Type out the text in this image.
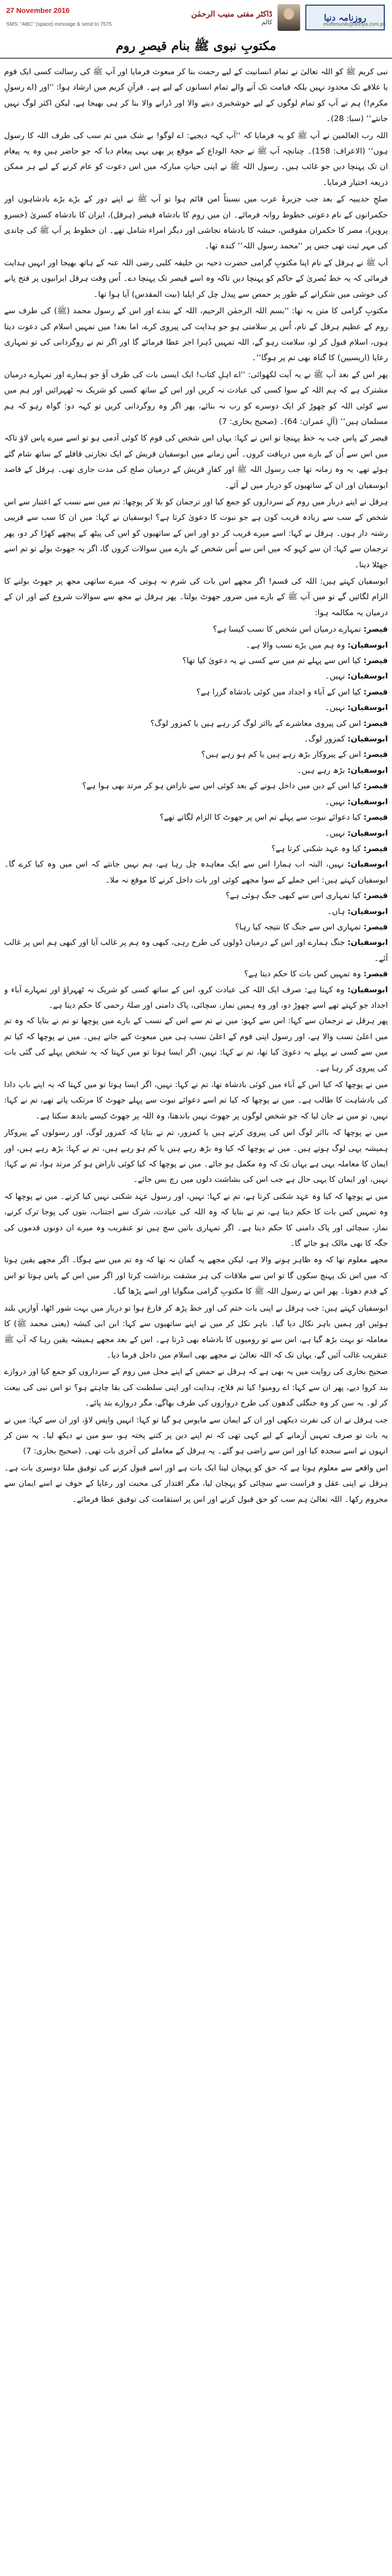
27 November 2016
روزنامہ دنیا
ڈاکٹر مفتی منیب الرحمٰن
کالم
SMS: "ABC" (space) message & send to 7575	muftimunib@dunya.com.pk
مکتوبِ نبوی ﷺ بنام قیصرِ روم

نبی کریم ﷺ کو اللہ تعالیٰ نے تمام انسانیت کے لیے رحمت بنا کر مبعوث فرمایا اور آپ ﷺ کی رسالت کسی ایک قوم یا علاقے تک محدود نہیں بلکہ قیامت تک آنے والے تمام انسانوں کے لیے ہے۔ قرآنِ کریم میں ارشاد ہوا: ''اور (اے رسولِ مکرم!) ہم نے آپ کو تمام لوگوں کے لیے خوشخبری دینے والا اور ڈرانے والا بنا کر ہی بھیجا ہے، لیکن اکثر لوگ نہیں جانتے‘‘ (سبا: 28)۔

اللہ رب العالمین نے آپ ﷺ کو یہ فرمایا کہ ''آپ کہہ دیجیے: اے لوگو! بے شک میں تم سب کی طرف اللہ کا رسول ہوں‘‘ (الاعراف: 158)۔ چنانچہ آپ ﷺ نے حجۃ الوداع کے موقع پر بھی یہی پیغام دیا کہ جو حاضر ہیں وہ یہ پیغام ان تک پہنچا دیں جو غائب ہیں۔ رسول اللہ ﷺ نے اپنی حیاتِ مبارکہ میں اس دعوت کو عام کرنے کے لیے ہر ممکن ذریعہ اختیار فرمایا۔

صلحِ حدیبیہ کے بعد جب جزیرۂ عرب میں نسبتاً امن قائم ہوا تو آپ ﷺ نے اپنے دور کے بڑے بڑے بادشاہوں اور حکمرانوں کے نام دعوتی خطوط روانہ فرمائے۔ ان میں روم کا بادشاہ قیصر (ہرقل)، ایران کا بادشاہ کسریٰ (خسرو پرویز)، مصر کا حکمران مقوقس، حبشہ کا بادشاہ نجاشی اور دیگر امراء شامل تھے۔ ان خطوط پر آپ ﷺ کی چاندی کی مہر ثبت تھی جس پر ''محمد رسول اللہ‘‘ کندہ تھا۔

آپ ﷺ نے ہرقل کے نام اپنا مکتوبِ گرامی حضرت دحیہ بن خلیفہ کلبی رضی اللہ عنہ کے ہاتھ بھیجا اور انہیں ہدایت فرمائی کہ یہ خط بُصریٰ کے حاکم کو پہنچا دیں تاکہ وہ اسے قیصر تک پہنچا دے۔ اُس وقت ہرقل ایرانیوں پر فتح پانے کی خوشی میں شکرانے کے طور پر حمص سے پیدل چل کر ایلیا (بیت المقدس) آیا ہوا تھا۔

مکتوبِ گرامی کا متن یہ تھا: ''بسم اللہ الرحمٰن الرحیم، اللہ کے بندے اور اس کے رسول محمد (ﷺ) کی طرف سے روم کے عظیم ہرقل کے نام، اُس پر سلامتی ہو جو ہدایت کی پیروی کرے، اما بعد! میں تمہیں اسلام کی دعوت دیتا ہوں، اسلام قبول کر لو، سلامت رہو گے، اللہ تمہیں دُہرا اجر عطا فرمائے گا اور اگر تم نے روگردانی کی تو تمہاری رعایا (اریسیین) کا گناہ بھی تم پر ہوگا‘‘۔

پھر اس کے بعد آپ ﷺ نے یہ آیت لکھوائی: ''اے اہلِ کتاب! ایک ایسی بات کی طرف آؤ جو ہمارے اور تمہارے درمیان مشترک ہے کہ ہم اللہ کے سوا کسی کی عبادت نہ کریں اور اس کے ساتھ کسی کو شریک نہ ٹھہرائیں اور ہم میں سے کوئی اللہ کو چھوڑ کر ایک دوسرے کو رب نہ بنائے، پھر اگر وہ روگردانی کریں تو کہہ دو: گواہ رہو کہ ہم مسلمان ہیں‘‘ (آلِ عمران: 64)۔ (صحیح بخاری: 7)

قیصر کے پاس جب یہ خط پہنچا تو اس نے کہا: یہاں اس شخص کی قوم کا کوئی آدمی ہو تو اسے میرے پاس لاؤ تاکہ میں اس سے اُن کے بارے میں دریافت کروں۔ اُس زمانے میں ابوسفیان قریش کے ایک تجارتی قافلے کے ساتھ شام گئے ہوئے تھے، یہ وہ زمانہ تھا جب رسول اللہ ﷺ اور کفارِ قریش کے درمیان صلح کی مدت جاری تھی۔ ہرقل کے قاصد ابوسفیان اور ان کے ساتھیوں کو دربار میں لے آئے۔

ہرقل نے اپنے دربار میں روم کے سرداروں کو جمع کیا اور ترجمان کو بلا کر پوچھا: تم میں سے نسب کے اعتبار سے اس شخص کے سب سے زیادہ قریب کون ہے جو نبوت کا دعویٰ کرتا ہے؟ ابوسفیان نے کہا: میں ان کا سب سے قریبی رشتہ دار ہوں۔ ہرقل نے کہا: اسے میرے قریب کر دو اور اس کے ساتھیوں کو اس کی پیٹھ کے پیچھے کھڑا کر دو، پھر ترجمان سے کہا: ان سے کہو کہ میں اس سے اُس شخص کے بارے میں سوالات کروں گا، اگر یہ جھوٹ بولے تو تم اسے جھٹلا دینا۔

ابوسفیان کہتے ہیں: اللہ کی قسم! اگر مجھے اس بات کی شرم نہ ہوتی کہ میرے ساتھی مجھ پر جھوٹ بولنے کا الزام لگائیں گے تو میں آپ ﷺ کے بارے میں ضرور جھوٹ بولتا۔ پھر ہرقل نے مجھ سے سوالات شروع کیے اور ان کے درمیان یہ مکالمہ ہوا:

قیصر: تمہارے درمیان اس شخص کا نسب کیسا ہے؟

ابوسفیان: وہ ہم میں بڑے نسب والا ہے۔

قیصر: کیا اس سے پہلے تم میں سے کسی نے یہ دعویٰ کیا تھا؟

ابوسفیان: نہیں۔

قیصر: کیا اس کے آباء و اجداد میں کوئی بادشاہ گزرا ہے؟

ابوسفیان: نہیں۔

قیصر: اس کی پیروی معاشرے کے بااثر لوگ کر رہے ہیں یا کمزور لوگ؟

ابوسفیان: کمزور لوگ۔

قیصر: اس کے پیروکار بڑھ رہے ہیں یا کم ہو رہے ہیں؟

ابوسفیان: بڑھ رہے ہیں۔

قیصر: کیا اس کے دین میں داخل ہونے کے بعد کوئی اس سے ناراض ہو کر مرتد بھی ہوا ہے؟

ابوسفیان: نہیں۔

قیصر: کیا دعوائے نبوت سے پہلے تم اس پر جھوٹ کا الزام لگاتے تھے؟

ابوسفیان: نہیں۔

قیصر: کیا وہ عہد شکنی کرتا ہے؟

ابوسفیان: نہیں، البتہ اب ہمارا اس سے ایک معاہدہ چل رہا ہے، ہم نہیں جانتے کہ اس میں وہ کیا کرے گا۔ ابوسفیان کہتے ہیں: اس جملے کے سوا مجھے کوئی اور بات داخل کرنے کا موقع نہ ملا۔

قیصر: کیا تمہاری اس سے کبھی جنگ ہوئی ہے؟

ابوسفیان: ہاں۔

قیصر: تمہاری اس سے جنگ کا نتیجہ کیا رہا؟

ابوسفیان: جنگ ہمارے اور اس کے درمیان ڈولوں کی طرح رہی، کبھی وہ ہم پر غالب آیا اور کبھی ہم اس پر غالب آئے۔

قیصر: وہ تمہیں کس بات کا حکم دیتا ہے؟

ابوسفیان: وہ کہتا ہے: صرف ایک اللہ کی عبادت کرو، اس کے ساتھ کسی کو شریک نہ ٹھہراؤ اور تمہارے آباء و اجداد جو کہتے تھے اسے چھوڑ دو، اور وہ ہمیں نماز، سچائی، پاک دامنی اور صلۂ رحمی کا حکم دیتا ہے۔

پھر ہرقل نے ترجمان سے کہا: اس سے کہو: میں نے تم سے اس کے نسب کے بارے میں پوچھا تو تم نے بتایا کہ وہ تم میں اعلیٰ نسب والا ہے، اور رسول اپنی قوم کے اعلیٰ نسب ہی میں مبعوث کیے جاتے ہیں۔ میں نے پوچھا کہ کیا تم میں سے کسی نے پہلے یہ دعویٰ کیا تھا، تم نے کہا: نہیں، اگر ایسا ہوتا تو میں کہتا کہ یہ شخص پہلے کی گئی بات کی پیروی کر رہا ہے۔

میں نے پوچھا کہ کیا اس کے آباء میں کوئی بادشاہ تھا، تم نے کہا: نہیں، اگر ایسا ہوتا تو میں کہتا کہ یہ اپنے باپ دادا کی بادشاہت کا طالب ہے۔ میں نے پوچھا کہ کیا تم اسے دعوائے نبوت سے پہلے جھوٹ کا مرتکب پاتے تھے، تم نے کہا: نہیں، تو میں نے جان لیا کہ جو شخص لوگوں پر جھوٹ نہیں باندھتا، وہ اللہ پر جھوٹ کیسے باندھ سکتا ہے۔

میں نے پوچھا کہ بااثر لوگ اس کی پیروی کرتے ہیں یا کمزور، تم نے بتایا کہ کمزور لوگ، اور رسولوں کے پیروکار ہمیشہ یہی لوگ ہوتے ہیں۔ میں نے پوچھا کہ کیا وہ بڑھ رہے ہیں یا کم ہو رہے ہیں، تم نے کہا: بڑھ رہے ہیں، اور ایمان کا معاملہ یہی ہے یہاں تک کہ وہ مکمل ہو جائے۔ میں نے پوچھا کہ کیا کوئی ناراض ہو کر مرتد ہوا، تم نے کہا: نہیں، اور ایمان کا یہی حال ہے جب اس کی بشاشت دلوں میں رچ بس جائے۔

میں نے پوچھا کہ کیا وہ عہد شکنی کرتا ہے، تم نے کہا: نہیں، اور رسول عہد شکنی نہیں کیا کرتے۔ میں نے پوچھا کہ وہ تمہیں کس بات کا حکم دیتا ہے، تم نے بتایا کہ وہ اللہ کی عبادت، شرک سے اجتناب، بتوں کی پوجا ترک کرنے، نماز، سچائی اور پاک دامنی کا حکم دیتا ہے۔ اگر تمہاری باتیں سچ ہیں تو عنقریب وہ میرے ان دونوں قدموں کی جگہ کا بھی مالک ہو جائے گا۔

مجھے معلوم تھا کہ وہ ظاہر ہونے والا ہے، لیکن مجھے یہ گمان نہ تھا کہ وہ تم میں سے ہوگا۔ اگر مجھے یقین ہوتا کہ میں اس تک پہنچ سکوں گا تو اس سے ملاقات کی ہر مشقت برداشت کرتا اور اگر میں اس کے پاس ہوتا تو اس کے قدم دھوتا۔ پھر اس نے رسول اللہ ﷺ کا مکتوبِ گرامی منگوایا اور اسے پڑھا گیا۔

ابوسفیان کہتے ہیں: جب ہرقل نے اپنی بات ختم کی اور خط پڑھ کر فارغ ہوا تو دربار میں بہت شور اٹھا، آوازیں بلند ہوئیں اور ہمیں باہر نکال دیا گیا۔ باہر نکل کر میں نے اپنے ساتھیوں سے کہا: ابن ابی کبشہ (یعنی محمد ﷺ) کا معاملہ تو بہت بڑھ گیا ہے، اس سے تو رومیوں کا بادشاہ بھی ڈرتا ہے۔ اس کے بعد مجھے ہمیشہ یقین رہا کہ آپ ﷺ عنقریب غالب آئیں گے، یہاں تک کہ اللہ تعالیٰ نے مجھے بھی اسلام میں داخل فرما دیا۔

صحیح بخاری کی روایت میں یہ بھی ہے کہ ہرقل نے حمص کے اپنے محل میں روم کے سرداروں کو جمع کیا اور دروازے بند کروا دیے، پھر ان سے کہا: اے رومیو! کیا تم فلاح، ہدایت اور اپنی سلطنت کی بقا چاہتے ہو؟ تو اس نبی کی بیعت کر لو۔ یہ سن کر وہ جنگلی گدھوں کی طرح دروازوں کی طرف بھاگے، مگر دروازے بند پائے۔

جب ہرقل نے ان کی نفرت دیکھی اور ان کے ایمان سے مایوس ہو گیا تو کہا: انہیں واپس لاؤ، اور ان سے کہا: میں نے یہ بات تو صرف تمہیں آزمانے کے لیے کہی تھی کہ تم اپنے دین پر کتنے پختہ ہو، سو میں نے دیکھ لیا۔ یہ سن کر انہوں نے اسے سجدہ کیا اور اس سے راضی ہو گئے۔ یہ ہرقل کے معاملے کی آخری بات تھی۔ (صحیح بخاری: 7)

اس واقعے سے معلوم ہوتا ہے کہ حق کو پہچان لینا ایک بات ہے اور اسے قبول کرنے کی توفیق ملنا دوسری بات ہے۔ ہرقل نے اپنی عقل و فراست سے سچائی کو پہچان لیا، مگر اقتدار کی محبت اور رعایا کے خوف نے اسے ایمان سے محروم رکھا۔ اللہ تعالیٰ ہم سب کو حق قبول کرنے اور اس پر استقامت کی توفیق عطا فرمائے۔
